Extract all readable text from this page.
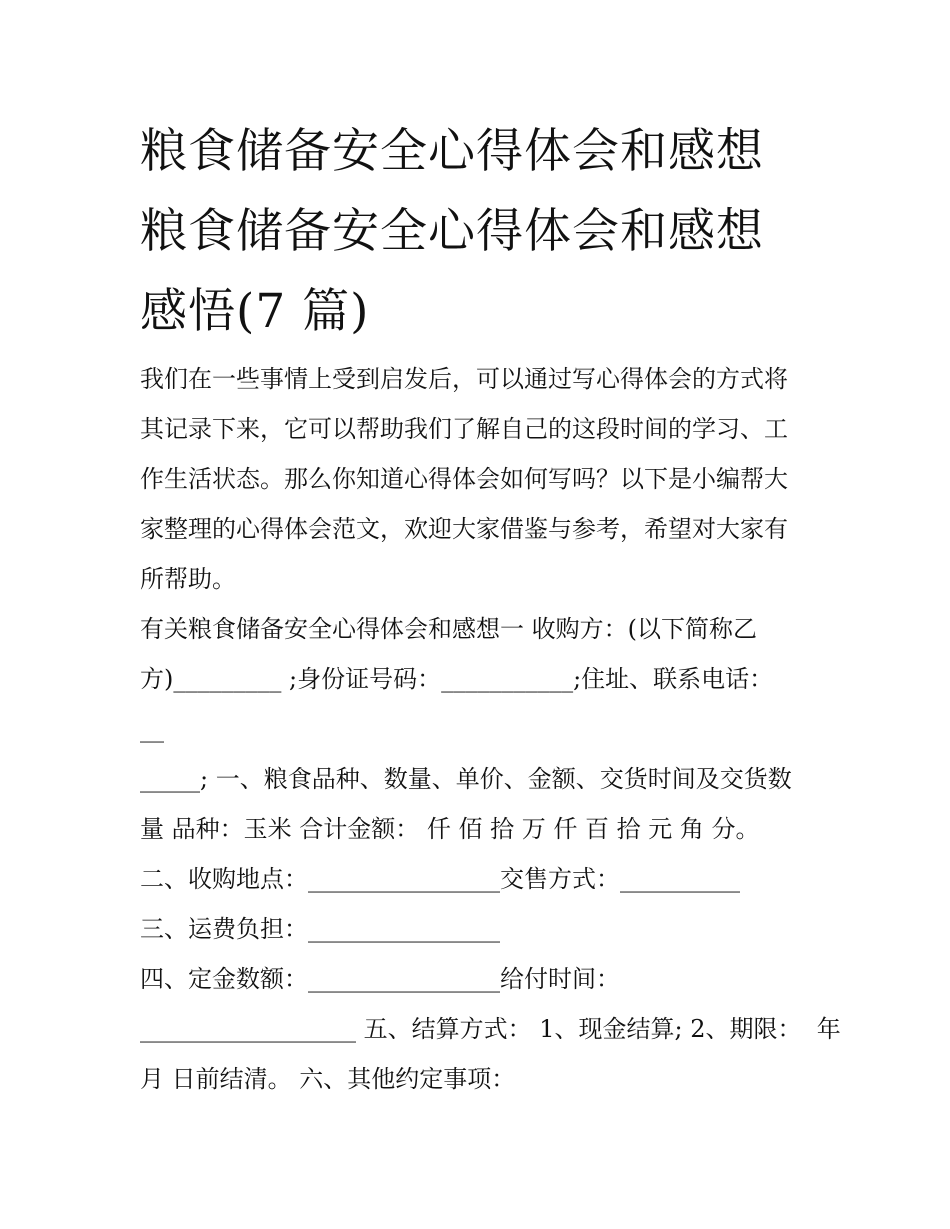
粮食储备安全心得体会和感想
粮食储备安全心得体会和感想
感悟(7 篇)
我们在一些事情上受到启发后，可以通过写心得体会的方式将
其记录下来，它可以帮助我们了解自己的这段时间的学习、工
作生活状态。那么你知道心得体会如何写吗？以下是小编帮大
家整理的心得体会范文，欢迎大家借鉴与参考，希望对大家有
所帮助。
有关粮食储备安全心得体会和感想一 收购方：(以下简称乙
方)_________ ;身份证号码：___________;住址、联系电话：
__
_____; 一、粮食品种、数量、单价、金额、交货时间及交货数
量 品种：玉米 合计金额： 仟 佰 拾 万 仟 百 拾 元 角 分。
二、收购地点：________________交售方式：__________
三、运费负担：________________
四、定金数额：________________给付时间：
__________________ 五、结算方式： 1、现金结算; 2、期限：  年
月 日前结清。 六、其他约定事项：
